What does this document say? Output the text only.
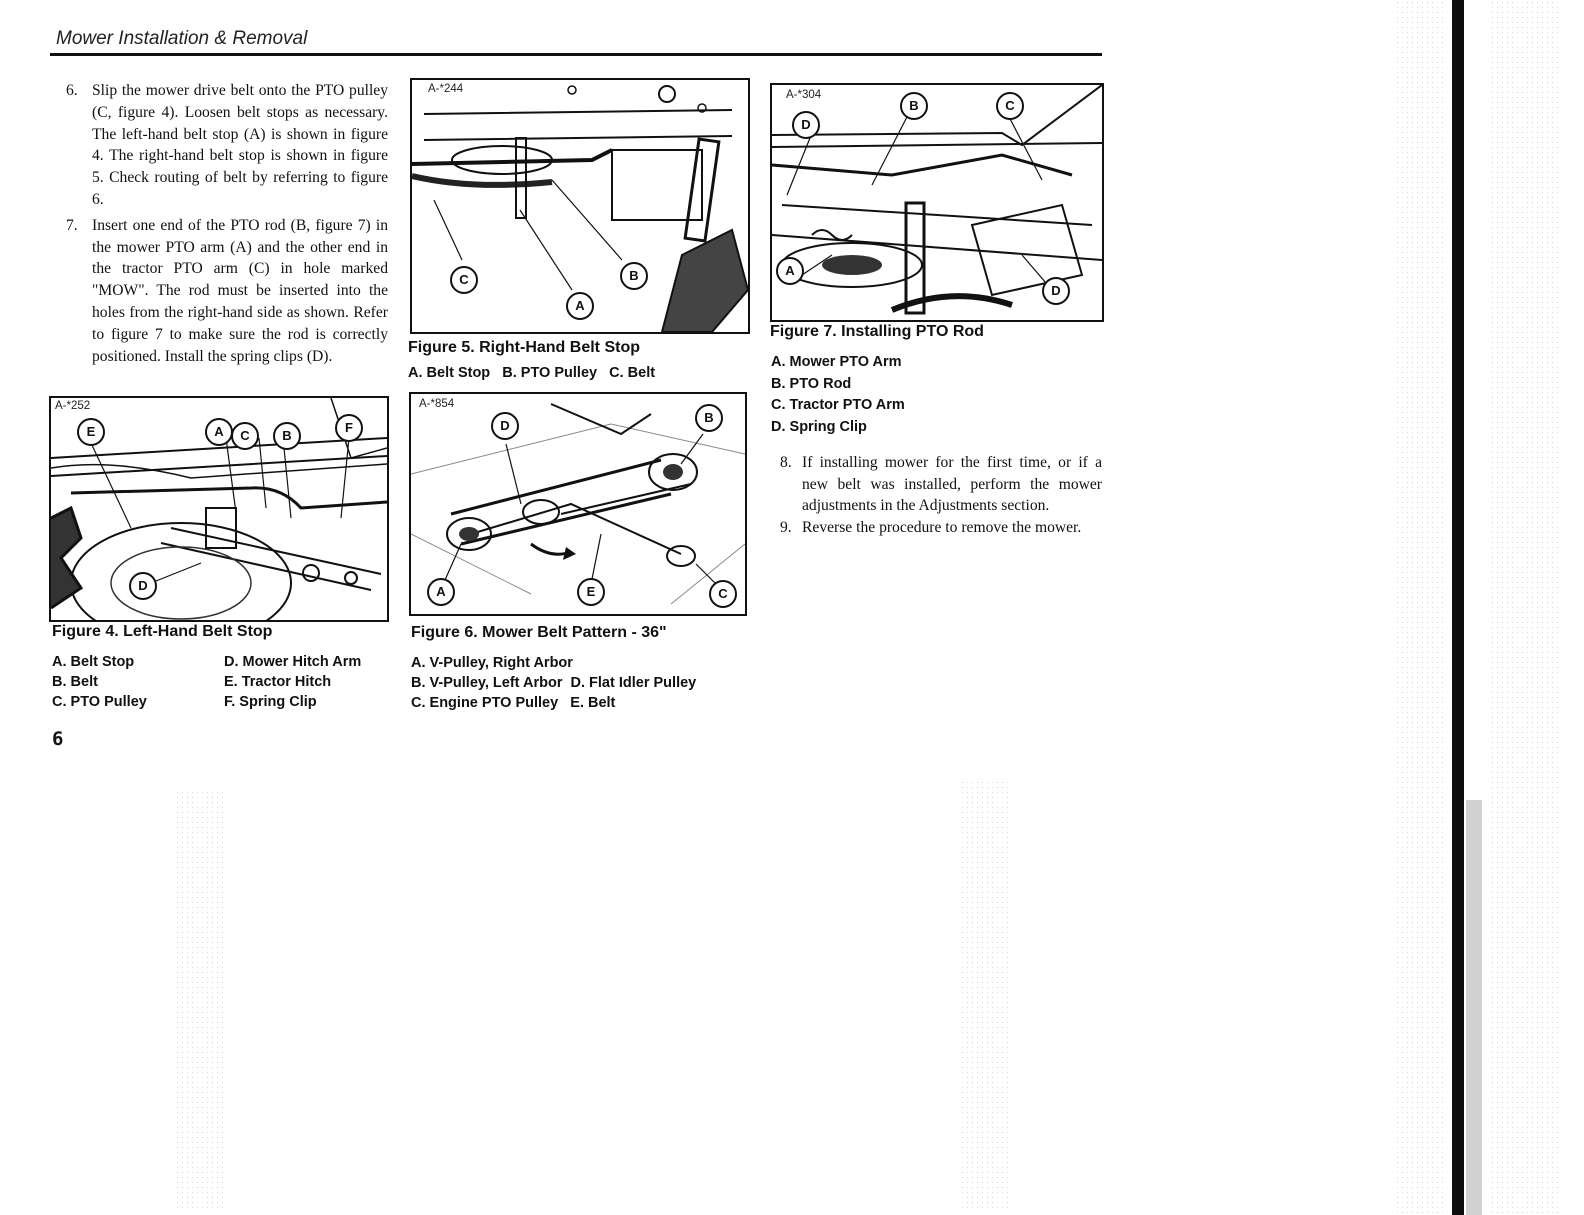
Mower Installation & Removal
6. Slip the mower drive belt onto the PTO pulley (C, figure 4). Loosen belt stops as necessary. The left-hand belt stop (A) is shown in figure 4. The right-hand belt stop is shown in figure 5. Check routing of belt by referring to figure 6.
7. Insert one end of the PTO rod (B, figure 7) in the mower PTO arm (A) and the other end in the tractor PTO arm (C) in hole marked "MOW". The rod must be inserted into the holes from the right-hand side as shown. Refer to figure 7 to make sure the rod is correctly positioned. Install the spring clips (D).
A-*252
E	A	C	B
F
D
Figure 4. Left-Hand Belt Stop
A. Belt Stop
B. Belt
C. PTO Pulley
D. Mower Hitch Arm
E. Tractor Hitch
F. Spring Clip
A-*244
C
A
B
Figure 5. Right-Hand Belt Stop
A. Belt Stop   B. PTO Pulley   C. Belt
A-*854
D
B
A	E	C
Figure 6. Mower Belt Pattern - 36"
A. V-Pulley, Right Arbor
B. V-Pulley, Left Arbor  D. Flat Idler Pulley
C. Engine PTO Pulley   E. Belt
A-*304
B	C
D
A
D
Figure 7. Installing PTO Rod
A. Mower PTO Arm
B. PTO Rod
C. Tractor PTO Arm
D. Spring Clip
8. If installing mower for the first time, or if a new belt was installed, perform the mower adjustments in the Adjustments section.
9. Reverse the procedure to remove the mower.
6
